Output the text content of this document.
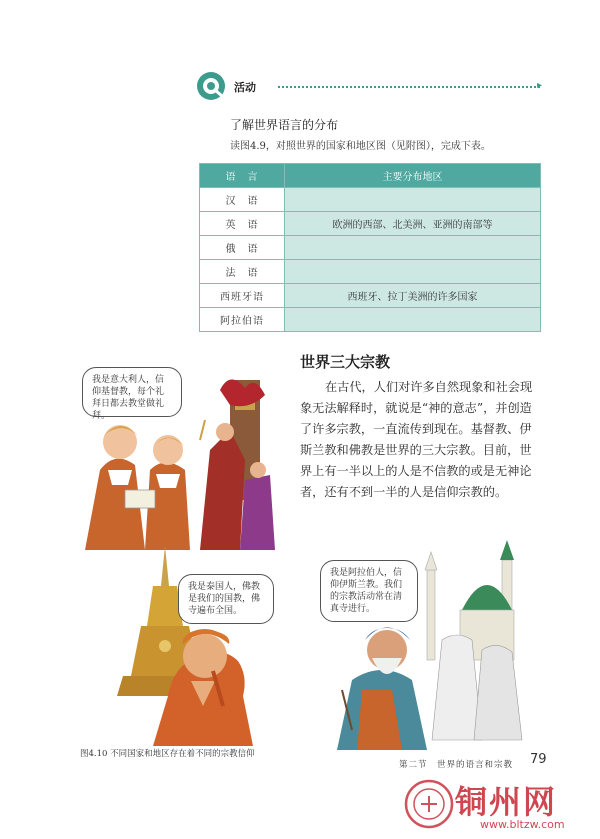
活动	▸
了解世界语言的分布
读图4.9，对照世界的国家和地区图（见附图），完成下表。
语　言	主要分布地区
汉　语	
英　语	欧洲的西部、北美洲、亚洲的南部等
俄　语	
法　语	
西班牙语	西班牙、拉丁美洲的许多国家
阿拉伯语	
我是意大利人，信仰基督教，每个礼拜日都去教堂做礼拜。
世界三大宗教

在古代，人们对许多自然现象和社会现象无法解释时，就说是“神的意志”，并创造了许多宗教，一直流传到现在。基督教、伊斯兰教和佛教是世界的三大宗教。目前，世界上有一半以上的人是不信教的或是无神论者，还有不到一半的人是信仰宗教的。

我是泰国人，佛教是我们的国教，佛寺遍布全国。
我是阿拉伯人，信仰伊斯兰教。我们的宗教活动常在清真寺进行。
图4.10 不同国家和地区存在着不同的宗教信仰
第二节　世界的语言和宗教 79
铜州网
www.bltzw.com
